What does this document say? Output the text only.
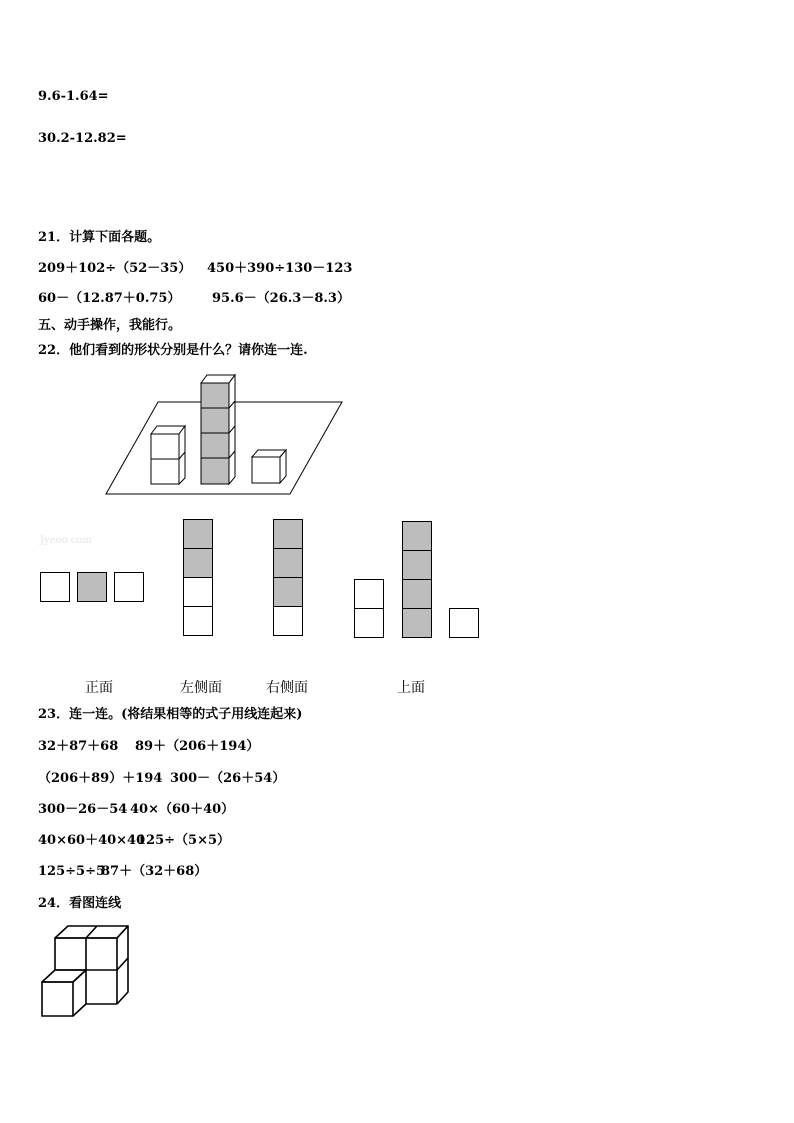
9.6-1.64=
30.2-12.82=
21．计算下面各题。
209＋102÷（52－35） 450＋390÷130－123
60－（12.87＋0.75） 95.6－（26.3－8.3）
五、动手操作，我能行。
22．他们看到的形状分别是什么？请你连一连.
Jyeoo.com
正面	左侧面	右侧面	上面
23．连一连。(将结果相等的式子用线连起来)
32＋87＋68 89＋（206＋194）
（206＋89）＋194 300－（26＋54）
300－26－54 40×（60＋40）
40×60＋40×40
125÷（5×5）
125÷5÷5
87＋（32＋68）
24．看图连线
